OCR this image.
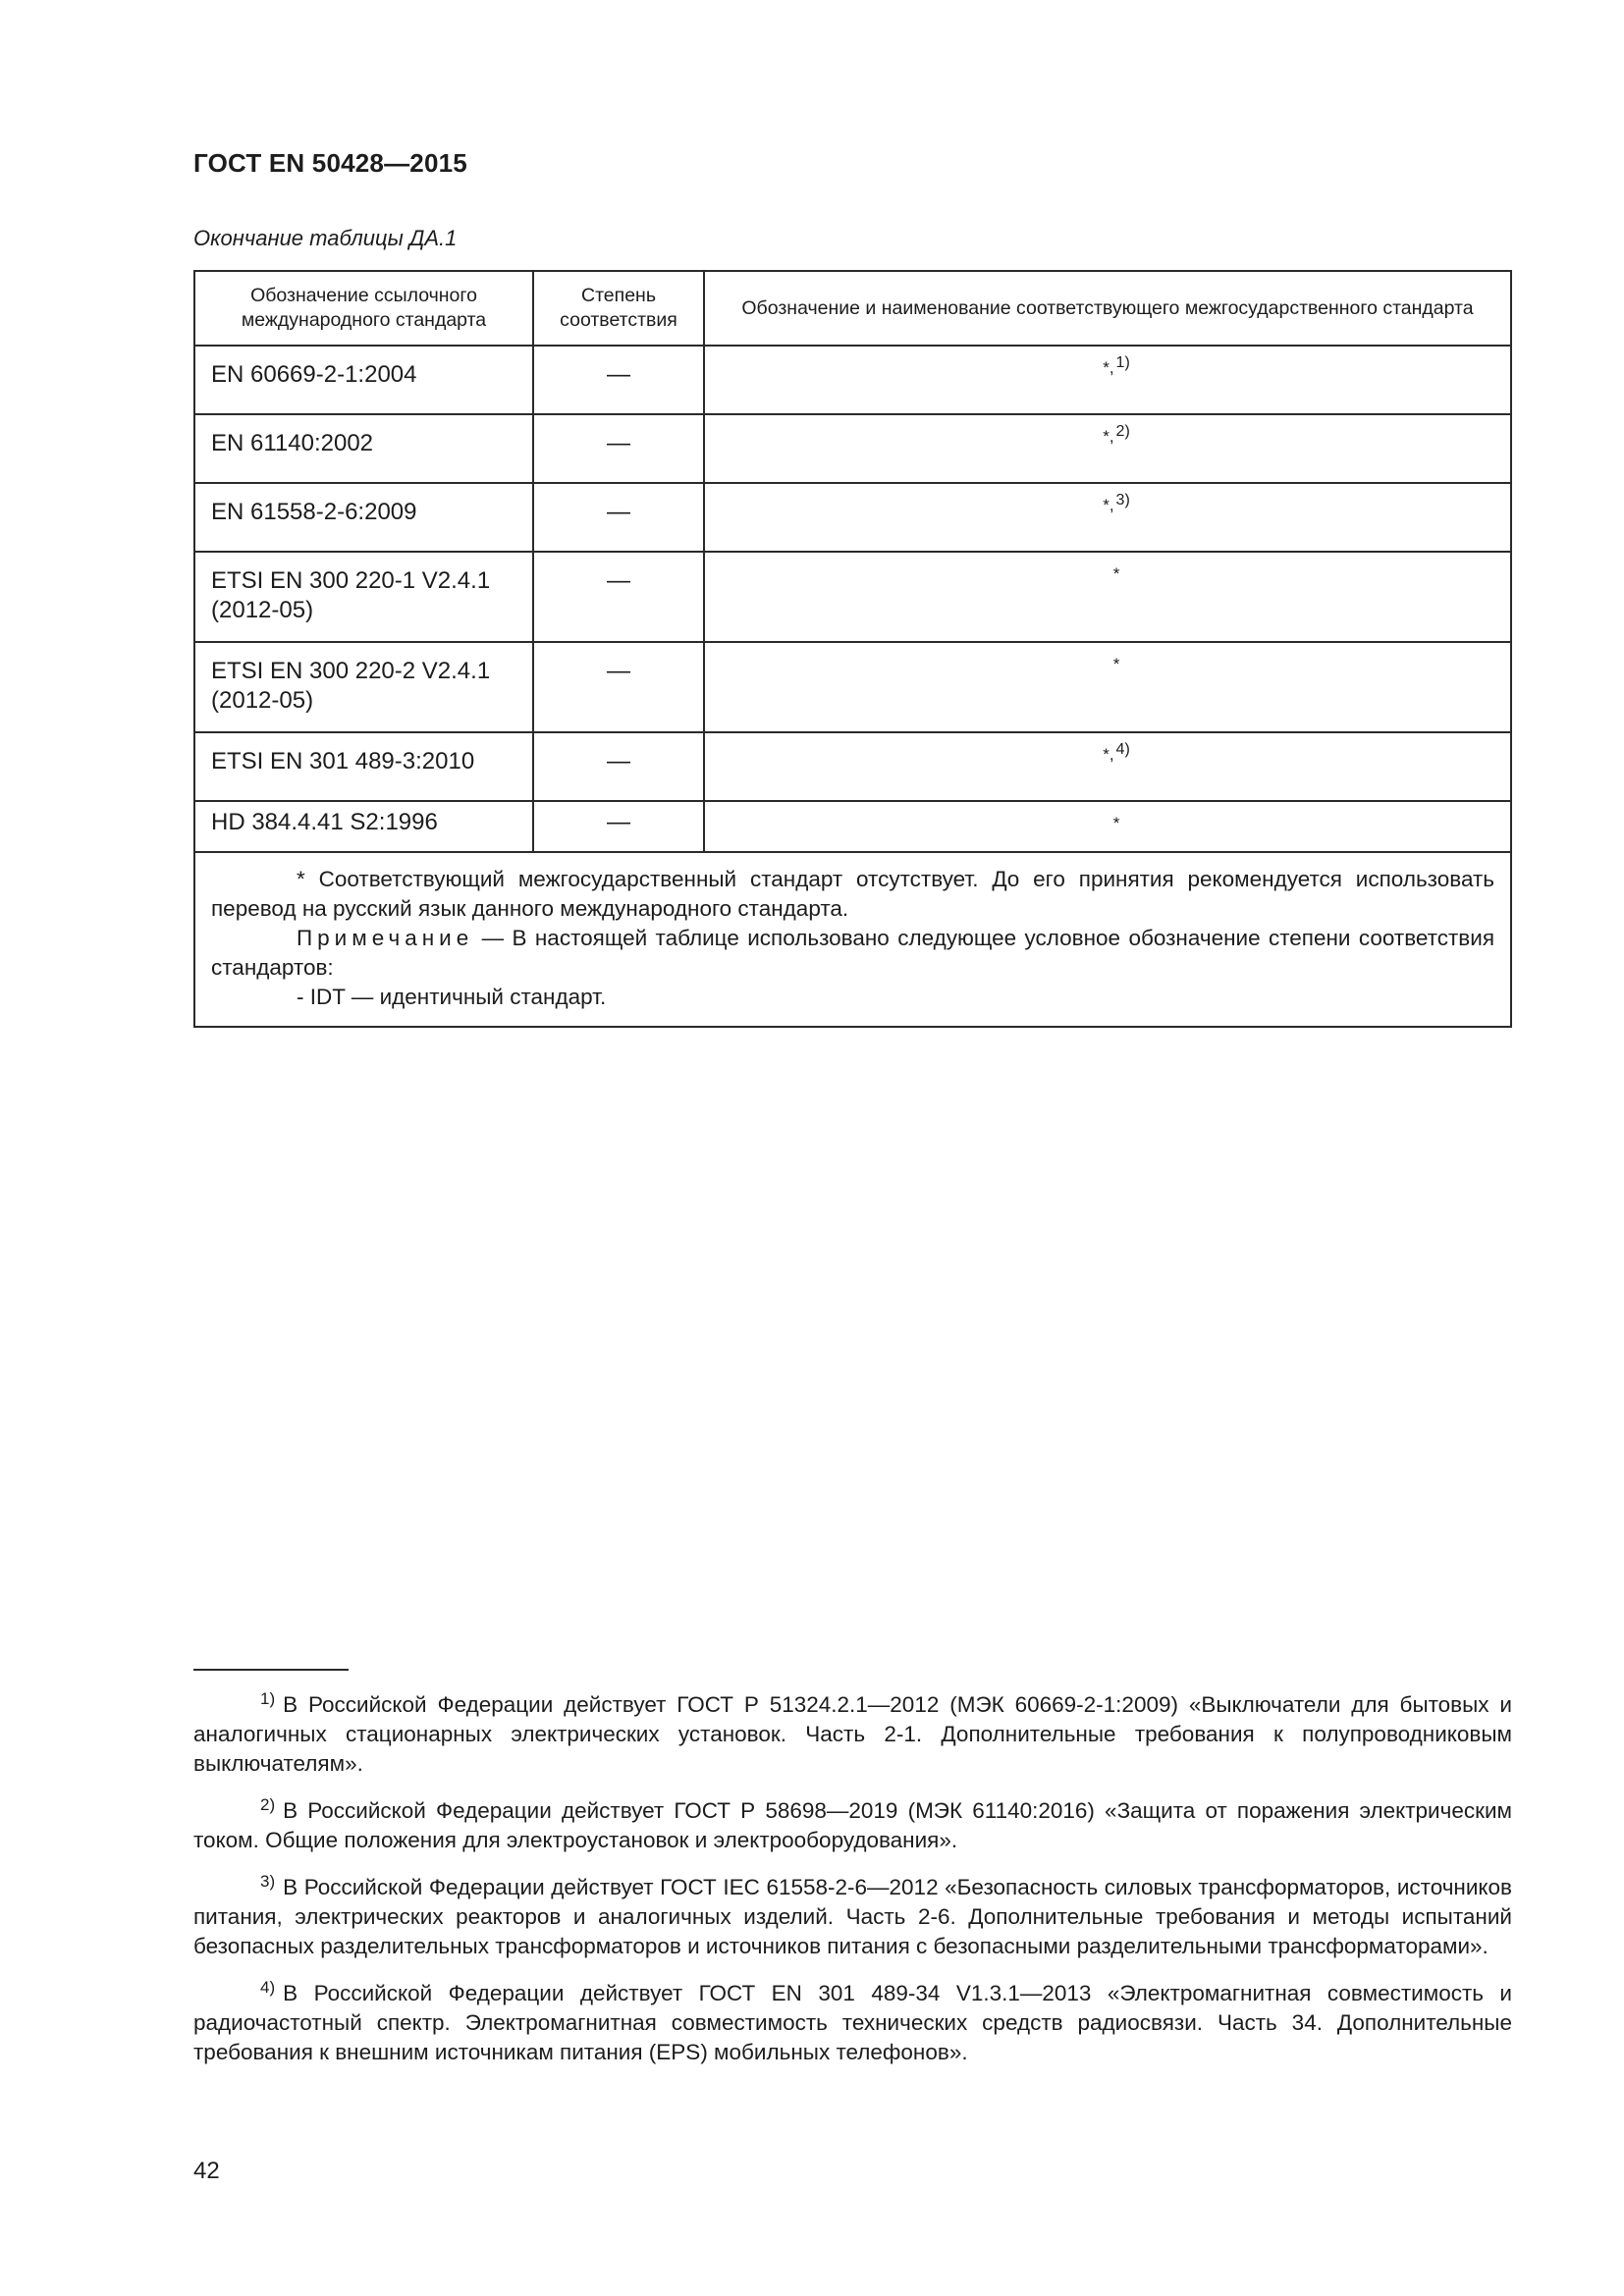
ГОСТ EN 50428—2015
Окончание таблицы ДА.1
Обозначение ссылочного международного стандарта	Степень соответствия	Обозначение и наименование соответствующего межгосударственного стандарта
EN 60669-2-1:2004	—	*, $^{1)}$
EN 61140:2002	—	*, $^{2)}$
EN 61558-2-6:2009	—	*, $^{3)}$
ETSI EN 300 220-1 V2.4.1 (2012-05)	—	*
ETSI EN 300 220-2 V2.4.1 (2012-05)	—	*
ETSI EN 301 489-3:2010	—	*, $^{4)}$
HD 384.4.41 S2:1996	—	*

* Соответствующий межгосударственный стандарт отсутствует. До его принятия рекомендуется использовать перевод на русский язык данного международного стандарта.

Примечание — В настоящей таблице использовано следующее условное обозначение степени соответствия стандартов:

- IDT — идентичный стандарт.		

$^{1)}$ В Российской Федерации действует ГОСТ Р 51324.2.1—2012 (МЭК 60669-2-1:2009) «Выключатели для бытовых и аналогичных стационарных электрических установок. Часть 2-1. Дополнительные требования к полупроводниковым выключателям».

$^{2)}$ В Российской Федерации действует ГОСТ Р 58698—2019 (МЭК 61140:2016) «Защита от поражения электрическим током. Общие положения для электроустановок и электрооборудования».

$^{3)}$ В Российской Федерации действует ГОСТ IEC 61558-2-6—2012 «Безопасность силовых трансформаторов, источников питания, электрических реакторов и аналогичных изделий. Часть 2-6. Дополнительные требования и методы испытаний безопасных разделительных трансформаторов и источников питания с безопасными разделительными трансформаторами».

$^{4)}$ В Российской Федерации действует ГОСТ EN 301 489-34 V1.3.1—2013 «Электромагнитная совместимость и радиочастотный спектр. Электромагнитная совместимость технических средств радиосвязи. Часть 34. Дополнительные требования к внешним источникам питания (EPS) мобильных телефонов».

42
